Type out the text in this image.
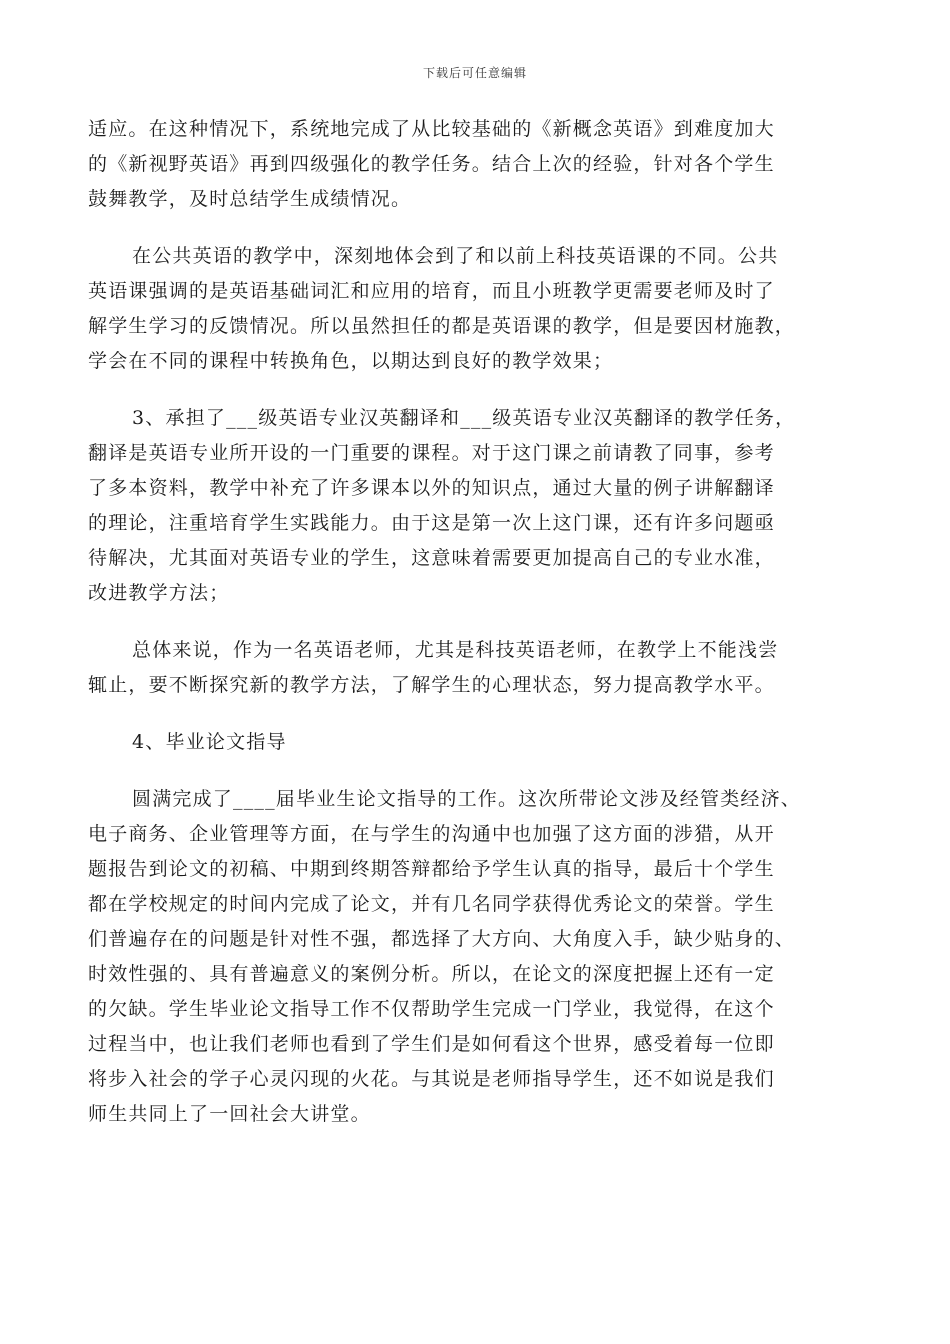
下载后可任意编辑
适应。在这种情况下，系统地完成了从比较基础的《新概念英语》到难度加大
的《新视野英语》再到四级强化的教学任务。结合上次的经验，针对各个学生
鼓舞教学，及时总结学生成绩情况。
在公共英语的教学中，深刻地体会到了和以前上科技英语课的不同。公共
英语课强调的是英语基础词汇和应用的培育，而且小班教学更需要老师及时了
解学生学习的反馈情况。所以虽然担任的都是英语课的教学，但是要因材施教，
学会在不同的课程中转换角色，以期达到良好的教学效果；
3、承担了___级英语专业汉英翻译和___级英语专业汉英翻译的教学任务，
翻译是英语专业所开设的一门重要的课程。对于这门课之前请教了同事，参考
了多本资料，教学中补充了许多课本以外的知识点，通过大量的例子讲解翻译
的理论，注重培育学生实践能力。由于这是第一次上这门课，还有许多问题亟
待解决，尤其面对英语专业的学生，这意味着需要更加提高自己的专业水准，
改进教学方法；
总体来说，作为一名英语老师，尤其是科技英语老师，在教学上不能浅尝
辄止，要不断探究新的教学方法，了解学生的心理状态，努力提高教学水平。
4、毕业论文指导
圆满完成了____届毕业生论文指导的工作。这次所带论文涉及经管类经济、
电子商务、企业管理等方面，在与学生的沟通中也加强了这方面的涉猎，从开
题报告到论文的初稿、中期到终期答辩都给予学生认真的指导，最后十个学生
都在学校规定的时间内完成了论文，并有几名同学获得优秀论文的荣誉。学生
们普遍存在的问题是针对性不强，都选择了大方向、大角度入手，缺少贴身的、
时效性强的、具有普遍意义的案例分析。所以，在论文的深度把握上还有一定
的欠缺。学生毕业论文指导工作不仅帮助学生完成一门学业，我觉得，在这个
过程当中，也让我们老师也看到了学生们是如何看这个世界，感受着每一位即
将步入社会的学子心灵闪现的火花。与其说是老师指导学生，还不如说是我们
师生共同上了一回社会大讲堂。
